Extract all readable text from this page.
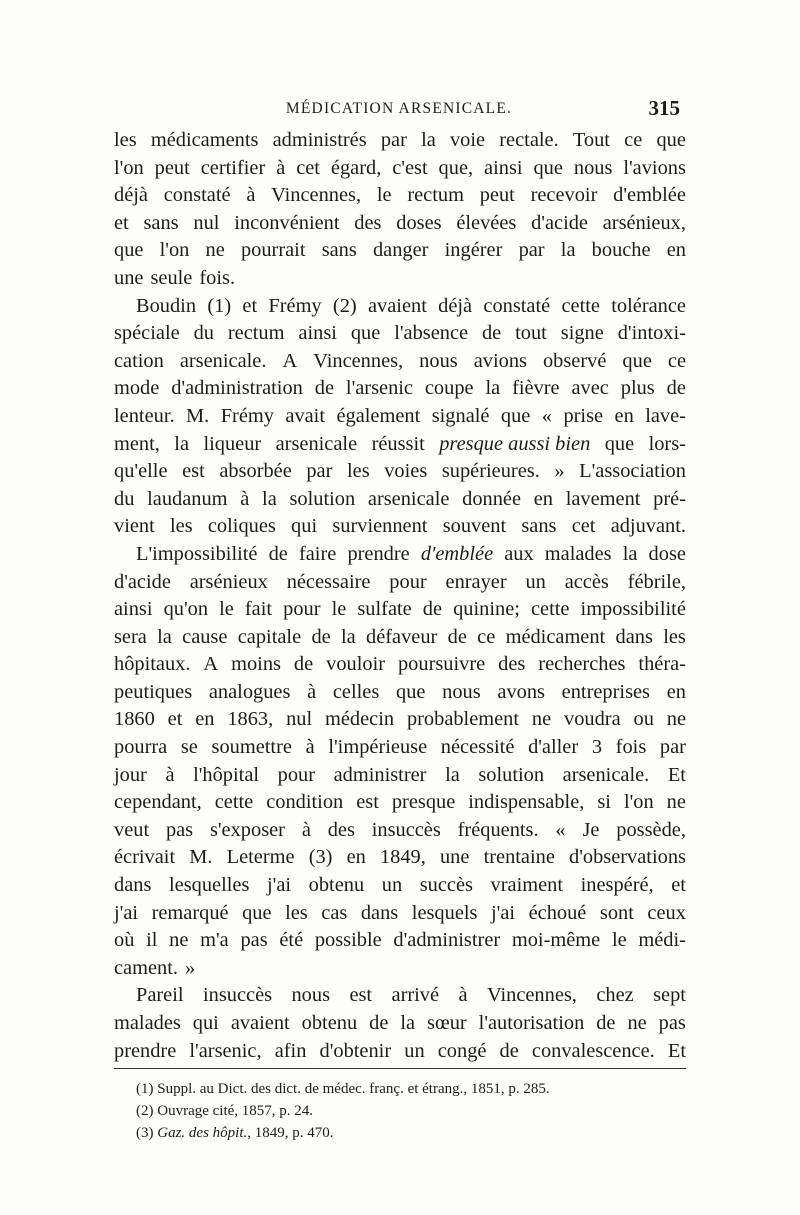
MÉDICATION ARSENICALE.	315
les médicaments administrés par la voie rectale. Tout ce que
l'on peut certifier à cet égard, c'est que, ainsi que nous l'avions
déjà constaté à Vincennes, le rectum peut recevoir d'emblée
et sans nul inconvénient des doses élevées d'acide arsénieux,
que l'on ne pourrait sans danger ingérer par la bouche en
une seule fois.
Boudin (1) et Frémy (2) avaient déjà constaté cette tolérance
spéciale du rectum ainsi que l'absence de tout signe d'intoxi-
cation arsenicale. A Vincennes, nous avions observé que ce
mode d'administration de l'arsenic coupe la fièvre avec plus de
lenteur. M. Frémy avait également signalé que « prise en lave-
ment, la liqueur arsenicale réussit presque aussi bien que lors-
qu'elle est absorbée par les voies supérieures. » L'association
du laudanum à la solution arsenicale donnée en lavement pré-
vient les coliques qui surviennent souvent sans cet adjuvant.
L'impossibilité de faire prendre d'emblée aux malades la dose
d'acide arsénieux nécessaire pour enrayer un accès fébrile,
ainsi qu'on le fait pour le sulfate de quinine; cette impossibilité
sera la cause capitale de la défaveur de ce médicament dans les
hôpitaux. A moins de vouloir poursuivre des recherches théra-
peutiques analogues à celles que nous avons entreprises en
1860 et en 1863, nul médecin probablement ne voudra ou ne
pourra se soumettre à l'impérieuse nécessité d'aller 3 fois par
jour à l'hôpital pour administrer la solution arsenicale. Et
cependant, cette condition est presque indispensable, si l'on ne
veut pas s'exposer à des insuccès fréquents. « Je possède,
écrivait M. Leterme (3) en 1849, une trentaine d'observations
dans lesquelles j'ai obtenu un succès vraiment inespéré, et
j'ai remarqué que les cas dans lesquels j'ai échoué sont ceux
où il ne m'a pas été possible d'administrer moi-même le médi-
cament. »
Pareil insuccès nous est arrivé à Vincennes, chez sept
malades qui avaient obtenu de la sœur l'autorisation de ne pas
prendre l'arsenic, afin d'obtenir un congé de convalescence. Et
(1) Suppl. au Dict. des dict. de médec. franç. et étrang., 1851, p. 285.
(2) Ouvrage cité, 1857, p. 24.
(3) Gaz. des hôpit., 1849, p. 470.
